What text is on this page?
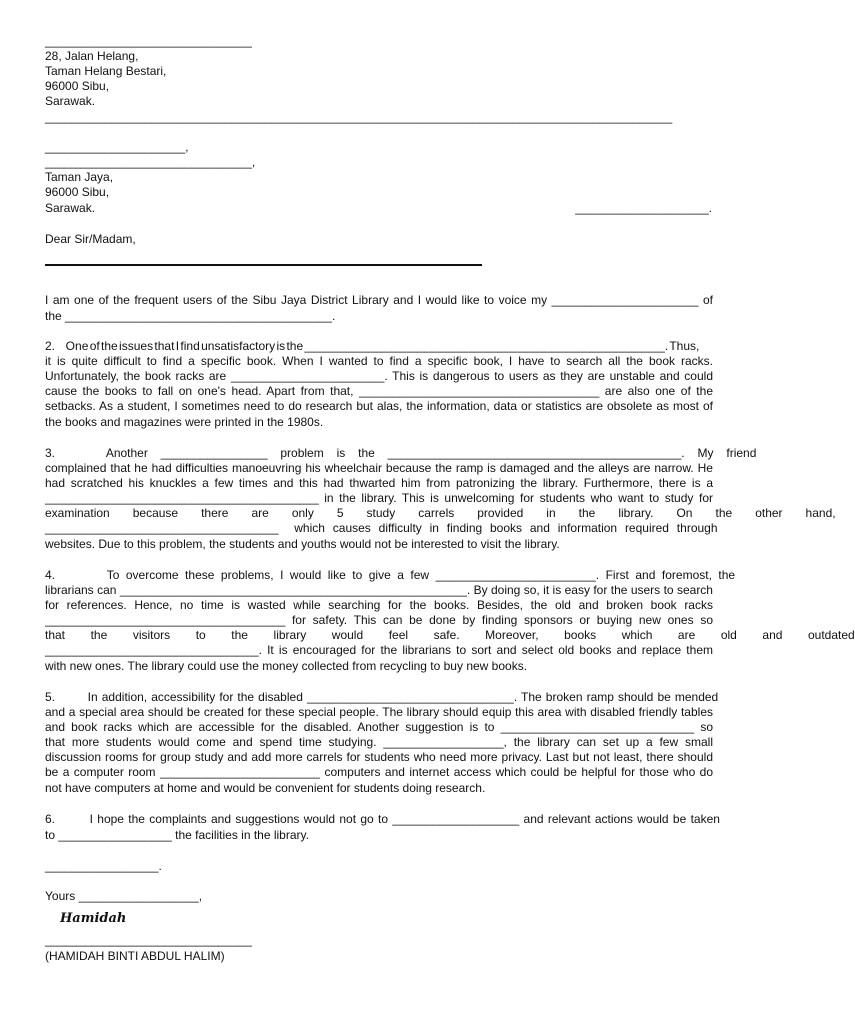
_______________________________
28, Jalan Helang,
Taman Helang Bestari,
96000 Sibu,
Sarawak.
______________________________________________________________________________________________
_____________________,
_______________________________,
Taman Jaya,
96000 Sibu,
Sarawak.	____________________.
Dear Sir/Madam,
I am one of the frequent users of the Sibu Jaya District Library and I would like to voice my ______________________ of
the ________________________________________.
2.        One of the issues that I find unsatisfactory is the ______________________________________________________. Thus,
it is quite difficult to find a specific book. When I wanted to find a specific book, I have to search all the book racks.
Unfortunately, the book racks are _______________________. This is dangerous to users as they are unstable and could
cause the books to fall on one's head. Apart from that, ____________________________________ are also one of the
setbacks. As a student, I sometimes need to do research but alas, the information, data or statistics are obsolete as most of
the books and magazines were printed in the 1980s.
3.        Another  ________________  problem  is  the  ____________________________________________.  My  friend
complained that he had difficulties manoeuvring his wheelchair because the ramp is damaged and the alleys are narrow. He
had scratched his knuckles a few times and this had thwarted him from patronizing the library. Furthermore, there is a
_________________________________________ in the library. This is unwelcoming for students who want to study for
examination  because  there  are  only  5  study  carrels  provided  in  the  library.  On  the  other  hand,
___________________________________  which causes difficulty in finding books and information required through
websites. Due to this problem, the students and youths would not be interested to visit the library.
4.        To overcome these problems, I would like to give a few ________________________. First and foremost, the
librarians can ____________________________________________________. By doing so, it is easy for the users to search
for references. Hence, no time is wasted while searching for the books. Besides, the old and broken book racks
____________________________________ for safety. This can be done by finding sponsors or buying new ones so
that  the  visitors  to  the  library  would  feel  safe.  Moreover,  books  which  are  old  and  outdated
________________________________. It is encouraged for the librarians to sort and select old books and replace them
with new ones. The library could use the money collected from recycling to buy new books.
5.        In addition, accessibility for the disabled _______________________________. The broken ramp should be mended
and a special area should be created for these special people. The library should equip this area with disabled friendly tables
and book racks which are accessible for the disabled. Another suggestion is to _____________________________ so
that more students would come and spend time studying. __________________, the library can set up a few small
discussion rooms for group study and add more carrels for students who need more privacy. Last but not least, there should
be a computer room ________________________ computers and internet access which could be helpful for those who do
not have computers at home and would be convenient for students doing research.
6.        I hope the complaints and suggestions would not go to ___________________ and relevant actions would be taken
to _________________ the facilities in the library.
_________________.
Yours __________________,
Hamidah
_______________________________
(HAMIDAH BINTI ABDUL HALIM)
